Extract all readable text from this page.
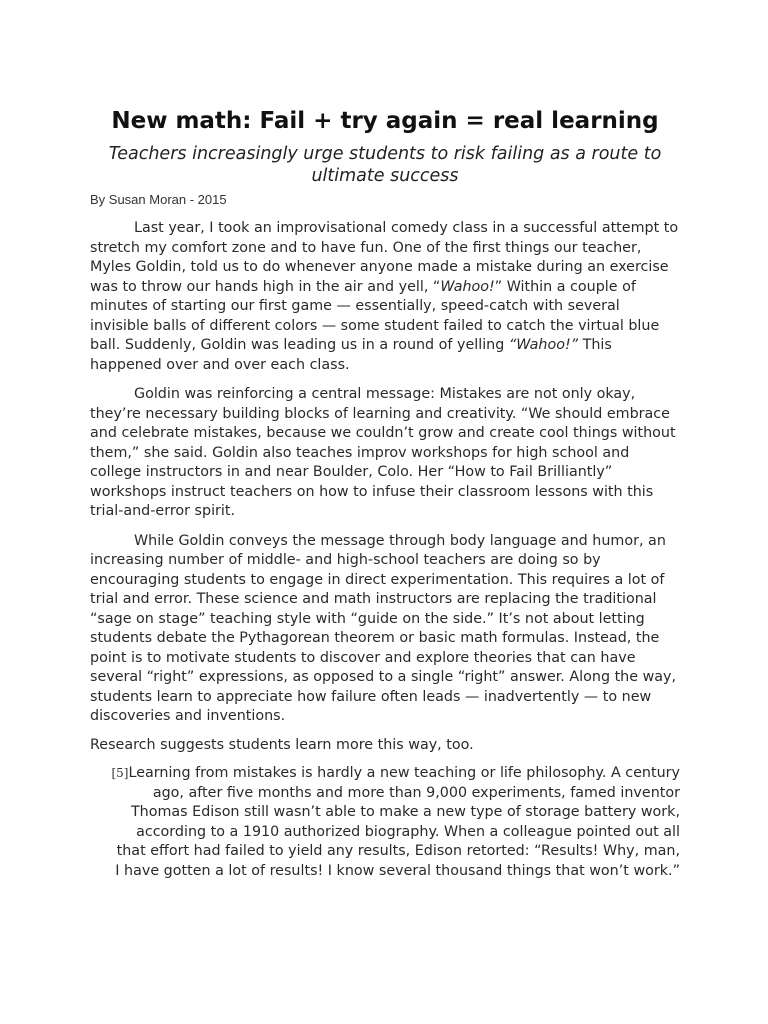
New math: Fail + try again = real learning
Teachers increasingly urge students to risk failing as a route to ultimate success
By Susan Moran - 2015

Last year, I took an improvisational comedy class in a successful attempt to stretch my comfort zone and to have fun. One of the first things our teacher, Myles Goldin, told us to do whenever anyone made a mistake during an exercise was to throw our hands high in the air and yell, “Wahoo!” Within a couple of minutes of starting our first game — essentially, speed-catch with several invisible balls of different colors — some student failed to catch the virtual blue ball. Suddenly, Goldin was leading us in a round of yelling “Wahoo!” This happened over and over each class.

Goldin was reinforcing a central message: Mistakes are not only okay, they’re necessary building blocks of learning and creativity. “We should embrace and celebrate mistakes, because we couldn’t grow and create cool things without them,” she said. Goldin also teaches improv workshops for high school and college instructors in and near Boulder, Colo. Her “How to Fail Brilliantly” workshops instruct teachers on how to infuse their classroom lessons with this trial-and-error spirit.

While Goldin conveys the message through body language and humor, an increasing number of middle- and high-school teachers are doing so by encouraging students to engage in direct experimentation. This requires a lot of trial and error. These science and math instructors are replacing the traditional “sage on stage” teaching style with “guide on the side.” It’s not about letting students debate the Pythagorean theorem or basic math formulas. Instead, the point is to motivate students to discover and explore theories that can have several “right” expressions, as opposed to a single “right” answer. Along the way, students learn to appreciate how failure often leads — inadvertently — to new discoveries and inventions.

Research suggests students learn more this way, too.

[5]Learning from mistakes is hardly a new teaching or life philosophy. A century ago, after five months and more than 9,000 experiments, famed inventor Thomas Edison still wasn’t able to make a new type of storage battery work, according to a 1910 authorized biography. When a colleague pointed out all that effort had failed to yield any results, Edison retorted: “Results! Why, man, I have gotten a lot of results! I know several thousand things that won’t work.”
